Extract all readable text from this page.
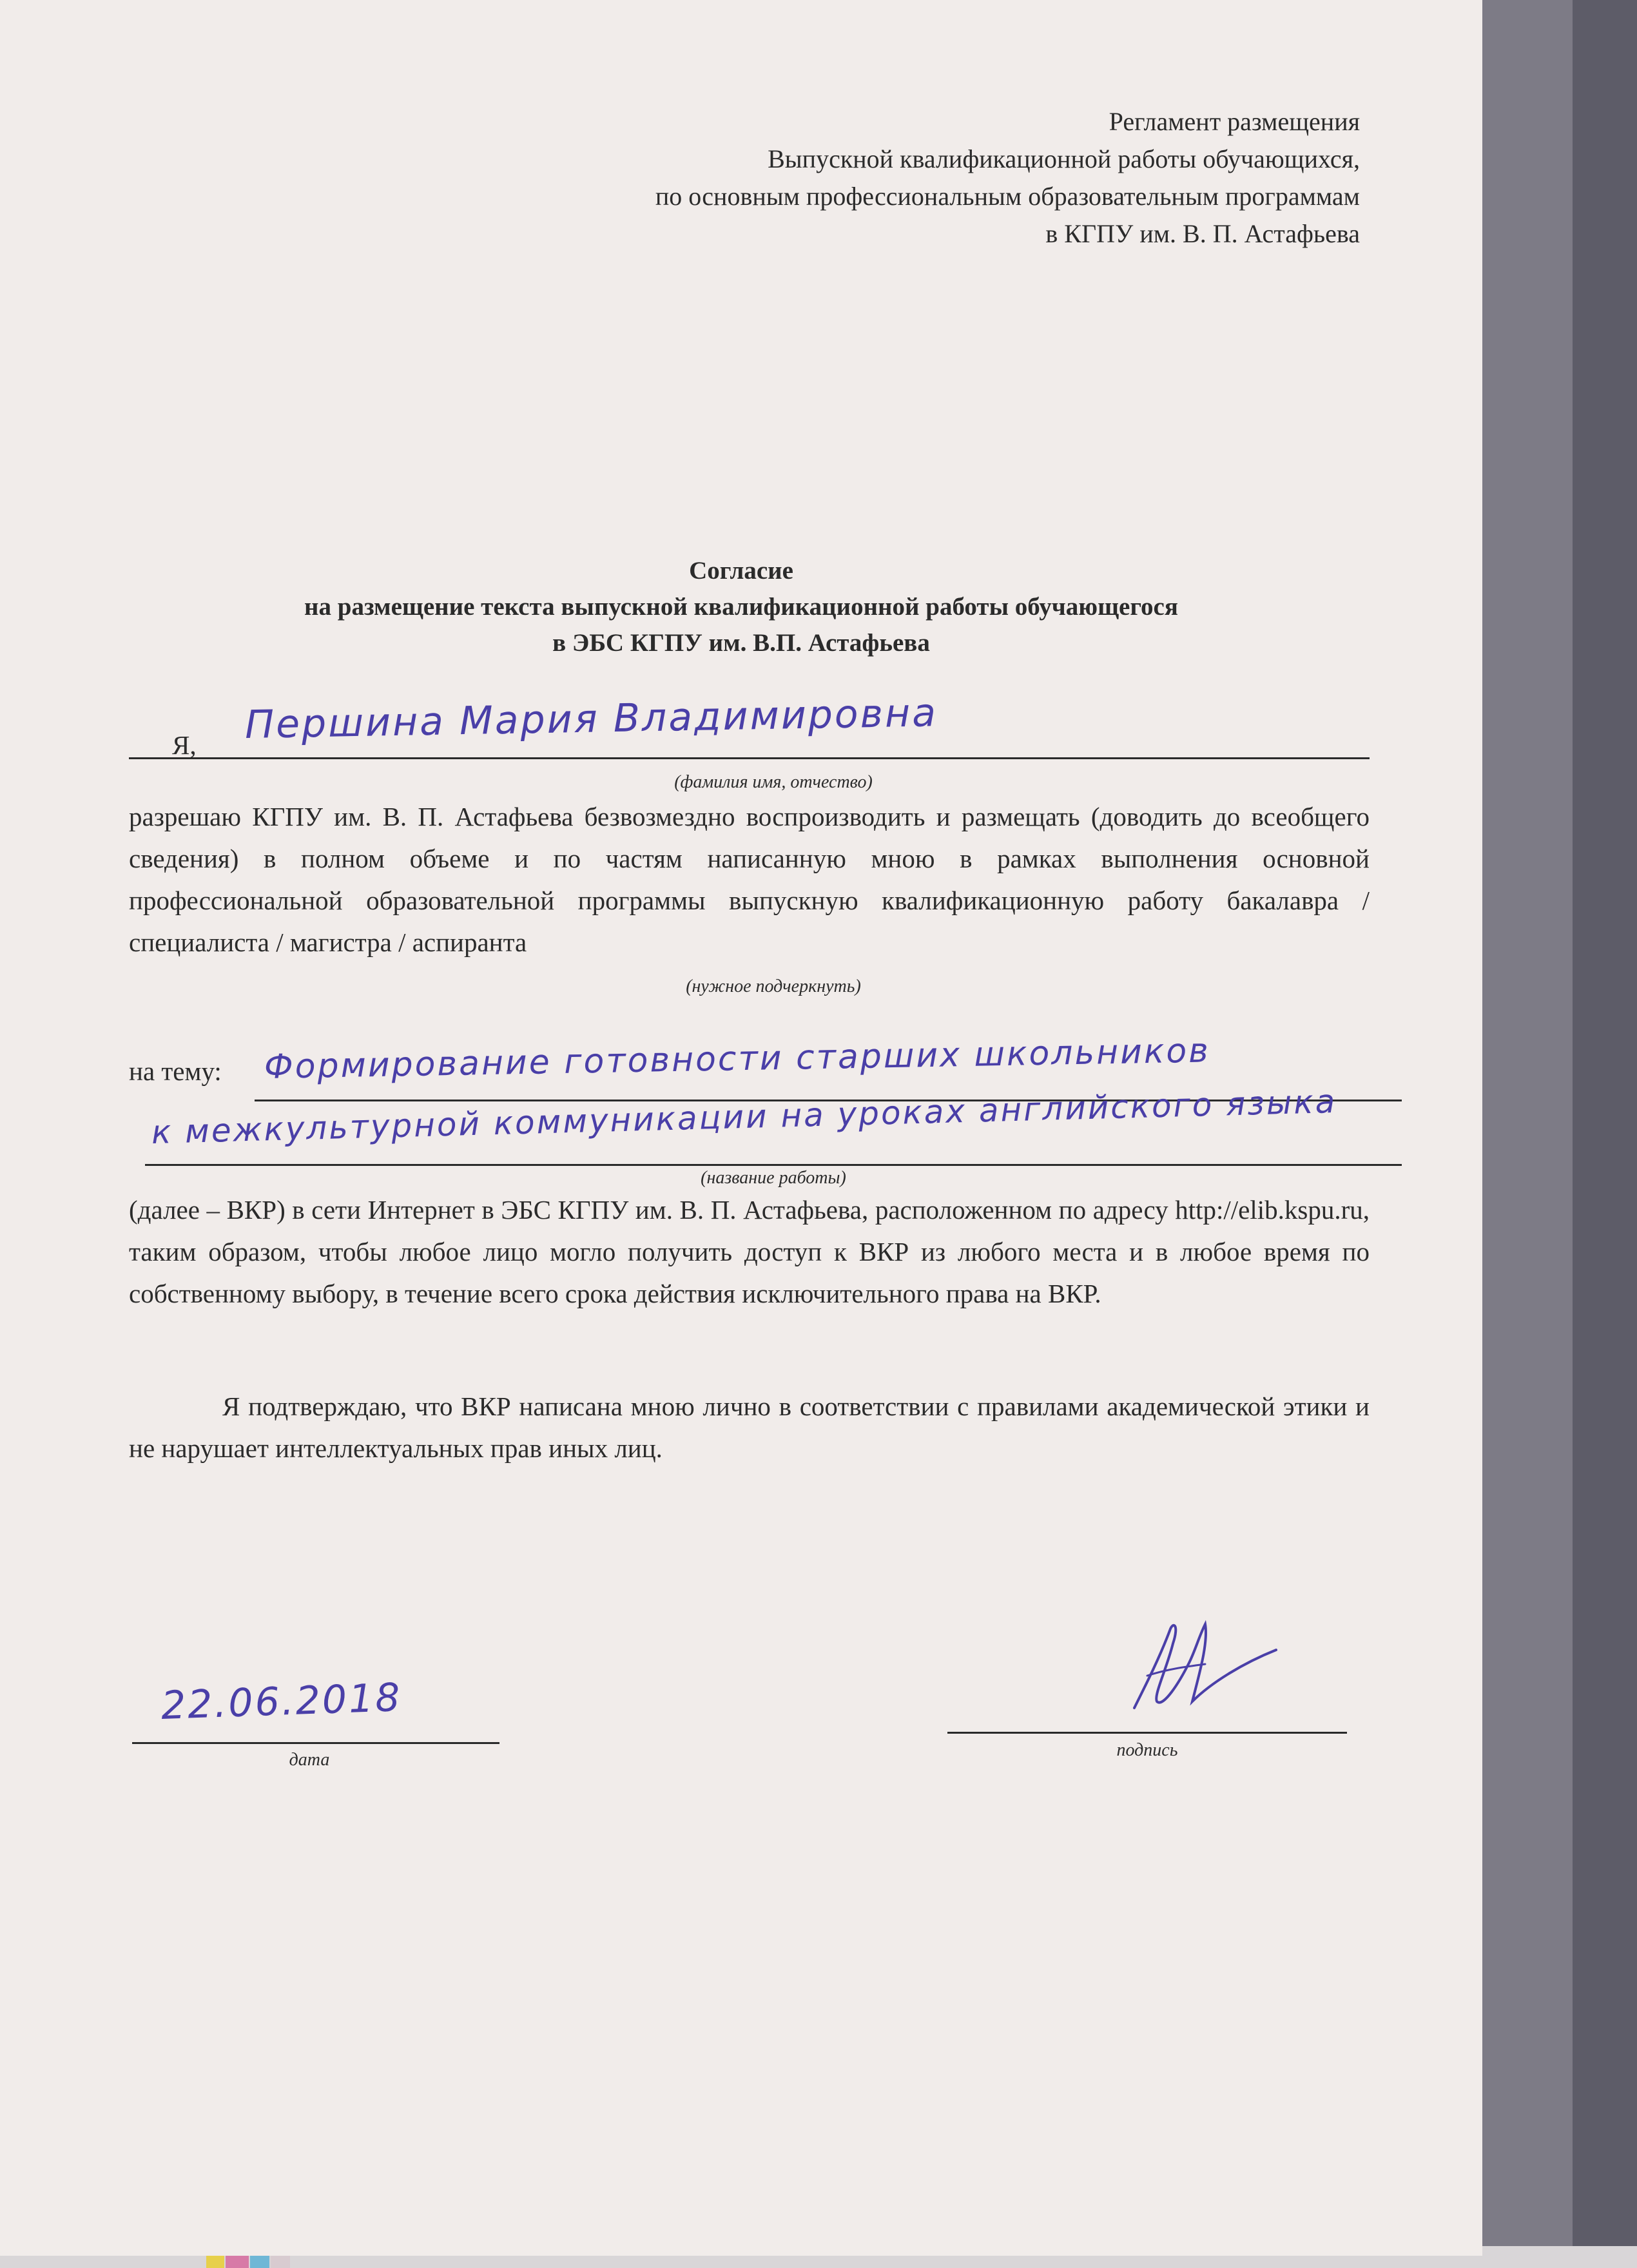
Регламент размещения
Выпускной квалификационной работы обучающихся,
по основным профессиональным образовательным программам
в КГПУ им. В. П. Астафьева
Согласие
на размещение текста выпускной квалификационной работы обучающегося
в ЭБС КГПУ им. В.П. Астафьева
Я, Першина Мария Владимировна
(фамилия имя, отчество)

разрешаю КГПУ им. В. П. Астафьева безвозмездно воспроизводить и размещать (доводить до всеобщего сведения) в полном объеме и по частям написанную мною в рамках выполнения основной профессиональной образовательной программы выпускную квалификационную работу бакалавра / специалиста / магистра / аспиранта

(нужное подчеркнуть)
на тему: Формирование готовности старших школьников
к межкультурной коммуникации на уроках английского языка
(название работы)

(далее – ВКР) в сети Интернет в ЭБС КГПУ им. В. П. Астафьева, расположенном по адресу http://elib.kspu.ru, таким образом, чтобы любое лицо могло получить доступ к ВКР из любого места и в любое время по собственному выбору, в течение всего срока действия исключительного права на ВКР.

Я подтверждаю, что ВКР написана мною лично в соответствии с правилами академической этики и не нарушает интеллектуальных прав иных лиц.

22.06.2018
дата	подпись
